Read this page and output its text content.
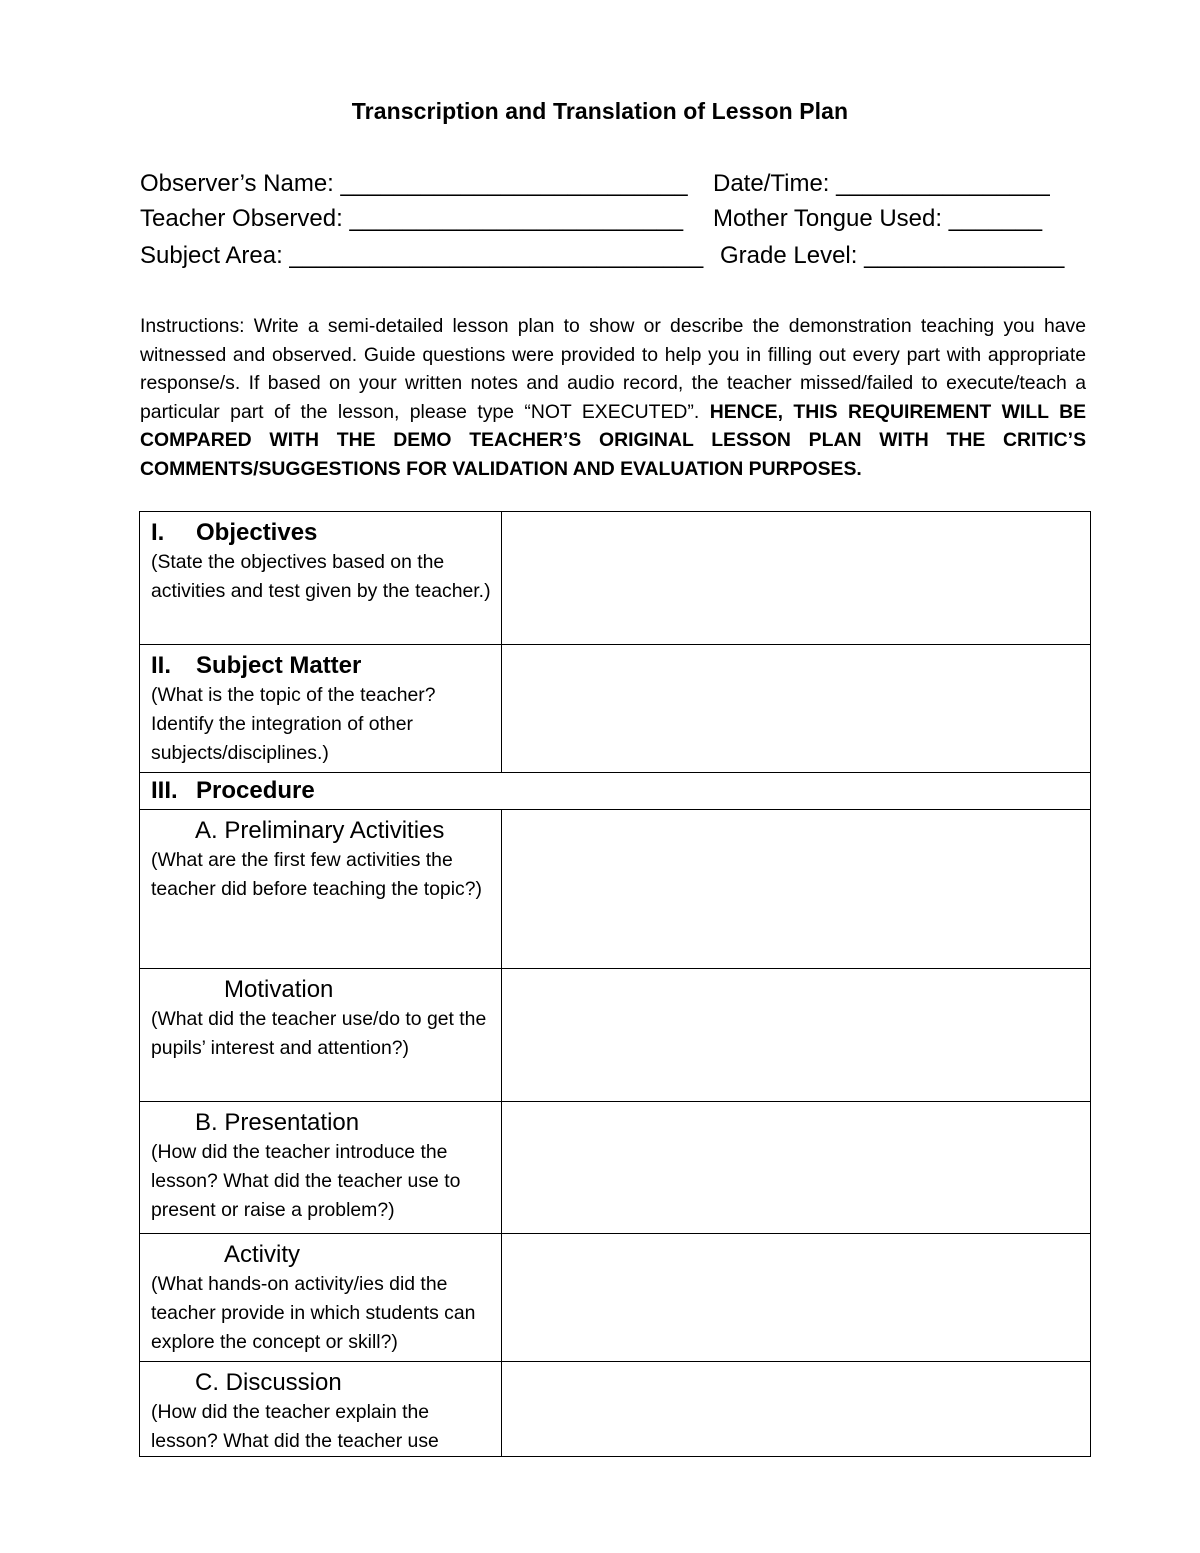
Transcription and Translation of Lesson Plan
Observer’s Name: __________________________ Date/Time: ________________
Teacher Observed: _________________________ Mother Tongue Used: _______
Subject Area: _______________________________ Grade Level: _______________
Instructions: Write a semi-detailed lesson plan to show or describe the demonstration teaching you have witnessed and observed. Guide questions were provided to help you in filling out every part with appropriate response/s. If based on your written notes and audio record, the teacher missed/failed to execute/teach a particular part of the lesson, please type “NOT EXECUTED”. HENCE, THIS REQUIREMENT WILL BE COMPARED WITH THE DEMO TEACHER’S ORIGINAL LESSON PLAN WITH THE CRITIC’S COMMENTS/SUGGESTIONS FOR VALIDATION AND EVALUATION PURPOSES.
I. Objectives
(State the objectives based on the activities and test given by the teacher.)	

II. Subject Matter
(What is the topic of the teacher? Identify the integration of other subjects/disciplines.)	

III. Procedure	

A. Preliminary Activities
(What are the first few activities the teacher did before teaching the topic?)	

Motivation
(What did the teacher use/do to get the pupils’ interest and attention?)	

B. Presentation
(How did the teacher introduce the lesson? What did the teacher use to present or raise a problem?)	

Activity
(What hands-on activity/ies did the teacher provide in which students can explore the concept or skill?)	

C. Discussion
(How did the teacher explain the lesson? What did the teacher use	
